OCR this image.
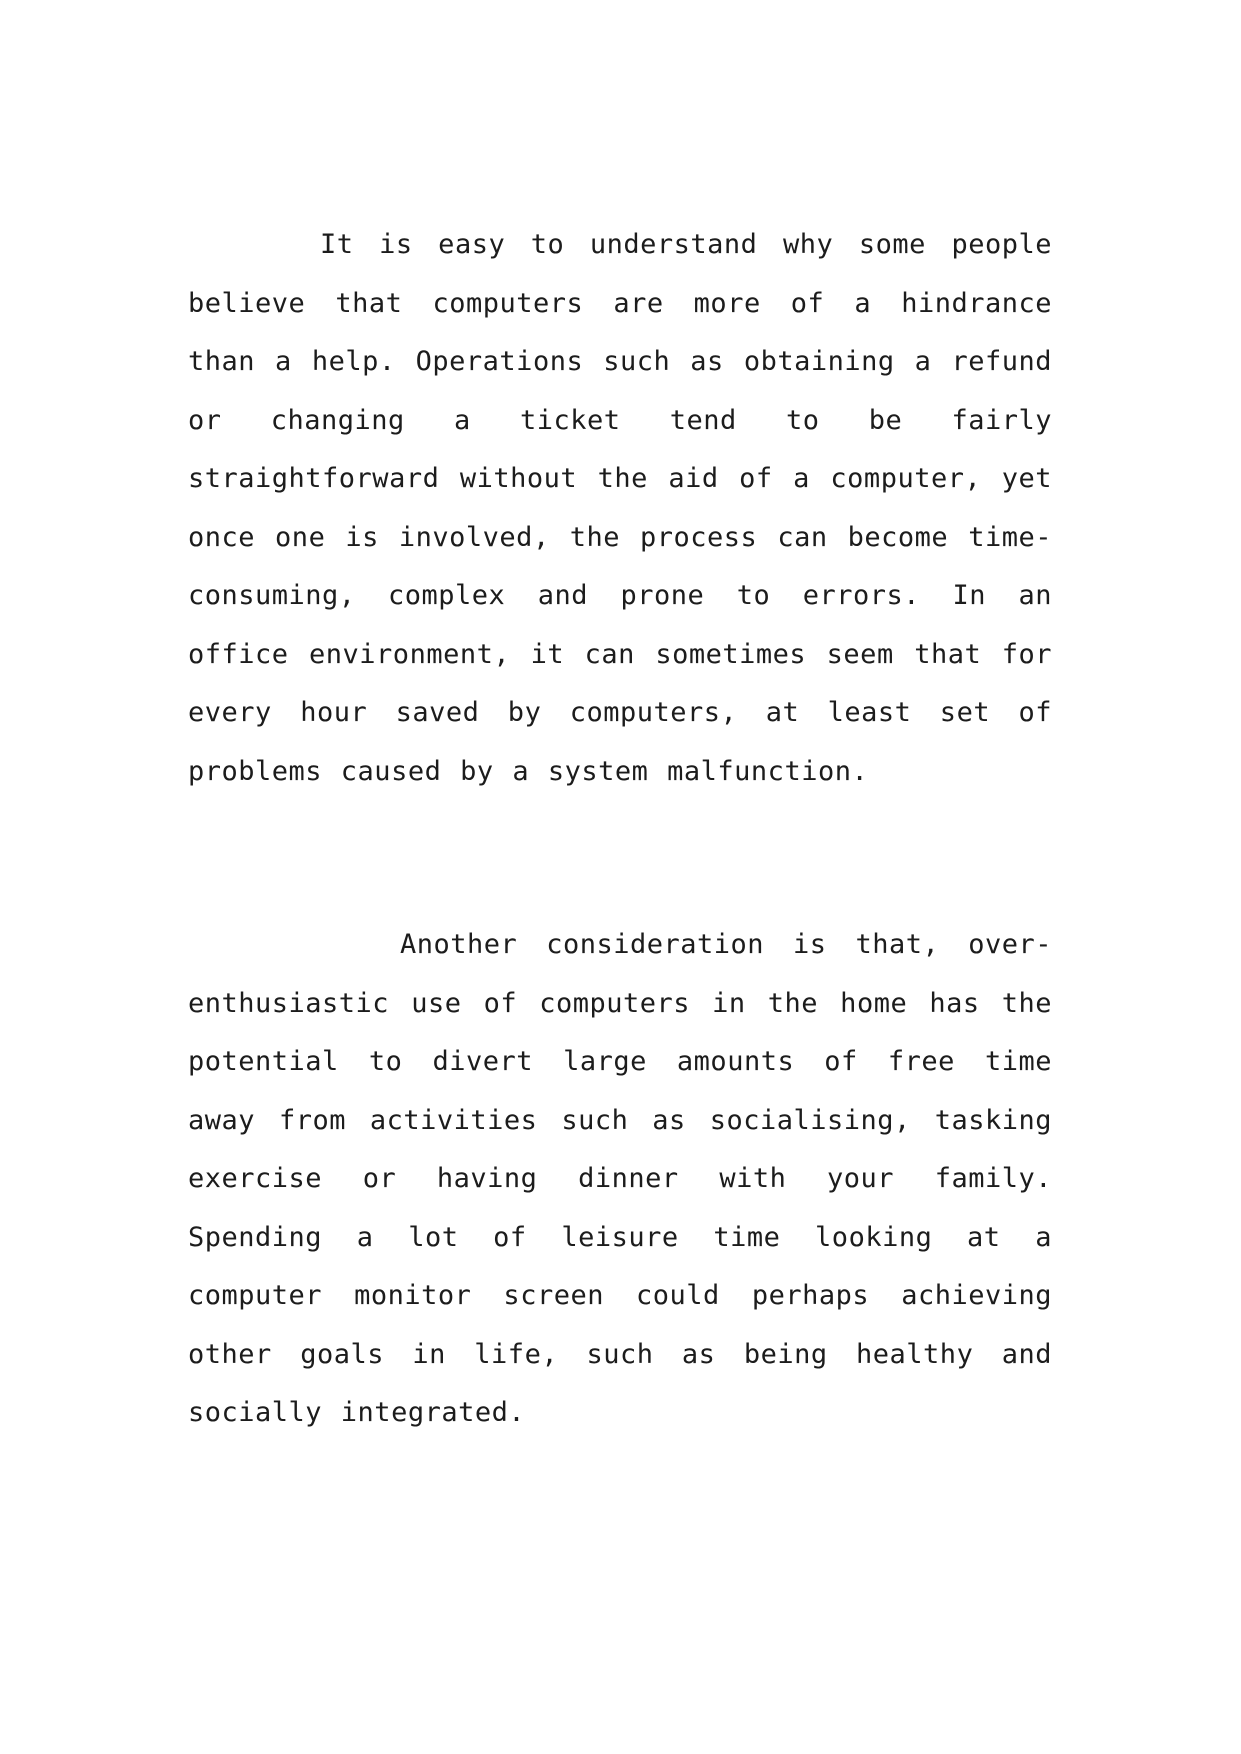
It is easy to understand why some people believe that computers are more of a hindrance than a help. Operations such as obtaining a refund or changing a ticket tend to be fairly straightforward without the aid of a computer, yet once one is involved, the process can become time-consuming, complex and prone to errors. In an office environment, it can sometimes seem that for every hour saved by computers, at least set of problems caused by a system malfunction.

Another consideration is that, over-enthusiastic use of computers in the home has the potential to divert large amounts of free time away from activities such as socialising, tasking exercise or having dinner with your family. Spending a lot of leisure time looking at a computer monitor screen could perhaps achieving other goals in life, such as being healthy and socially integrated.
